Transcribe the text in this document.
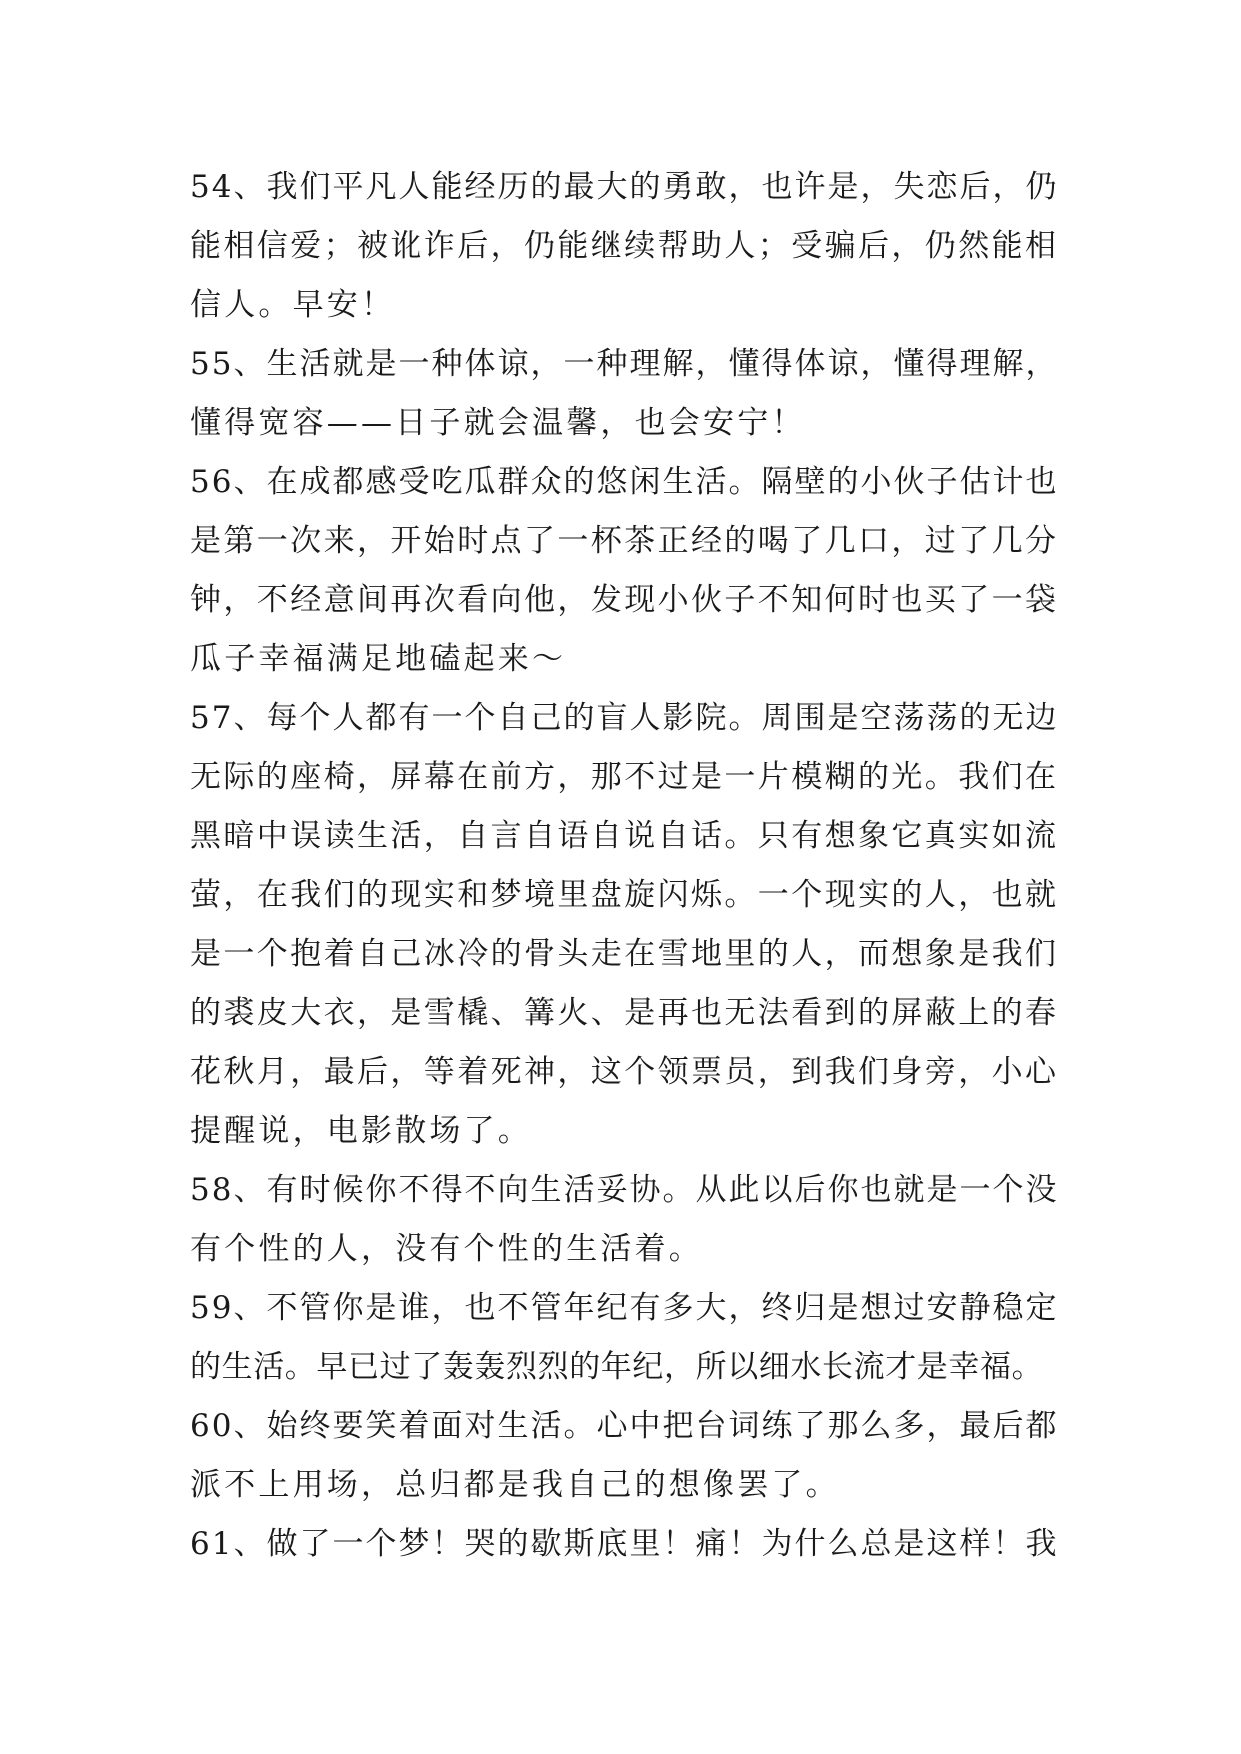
54、我们平凡人能经历的最大的勇敢，也许是，失恋后，仍
能相信爱；被讹诈后，仍能继续帮助人；受骗后，仍然能相
信人。早安！
55、生活就是一种体谅，一种理解，懂得体谅，懂得理解，
懂得宽容——日子就会温馨，也会安宁！
56、在成都感受吃瓜群众的悠闲生活。隔壁的小伙子估计也
是第一次来，开始时点了一杯茶正经的喝了几口，过了几分
钟，不经意间再次看向他，发现小伙子不知何时也买了一袋
瓜子幸福满足地磕起来～
57、每个人都有一个自己的盲人影院。周围是空荡荡的无边
无际的座椅，屏幕在前方，那不过是一片模糊的光。我们在
黑暗中误读生活，自言自语自说自话。只有想象它真实如流
萤，在我们的现实和梦境里盘旋闪烁。一个现实的人，也就
是一个抱着自己冰冷的骨头走在雪地里的人，而想象是我们
的裘皮大衣，是雪橇、篝火、是再也无法看到的屏蔽上的春
花秋月，最后，等着死神，这个领票员，到我们身旁，小心
提醒说，电影散场了。
58、有时候你不得不向生活妥协。从此以后你也就是一个没
有个性的人，没有个性的生活着。
59、不管你是谁，也不管年纪有多大，终归是想过安静稳定
的生活。早已过了轰轰烈烈的年纪，所以细水长流才是幸福。
60、始终要笑着面对生活。心中把台词练了那么多，最后都
派不上用场，总归都是我自己的想像罢了。
61、做了一个梦！哭的歇斯底里！痛！为什么总是这样！我
